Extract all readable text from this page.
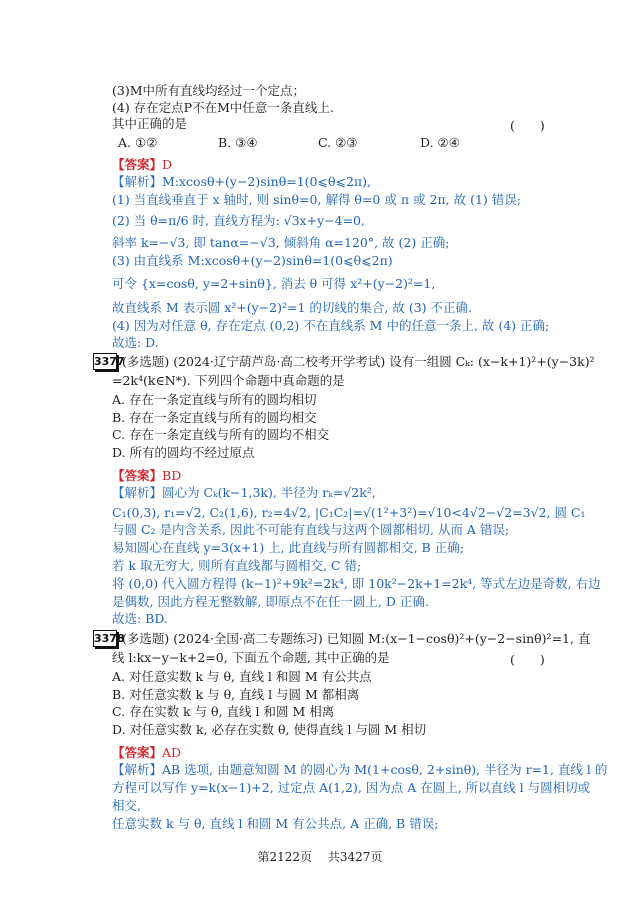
(3)M中所有直线均经过一个定点；
(4) 存在定点P不在M中任意一条直线上.
其中正确的是	(　　)
A. ①②	B. ③④	C. ②③	D. ②④
【答案】D
【解析】M:xcosθ+(y−2)sinθ=1(0⩽θ⩽2π),
(1) 当直线垂直于 x 轴时, 则 sinθ=0, 解得 θ=0 或 π 或 2π, 故 (1) 错误;
(2) 当 θ=π/6 时, 直线方程为: √3x+y−4=0,
斜率 k=−√3, 即 tanα=−√3, 倾斜角 α=120°, 故 (2) 正确;
(3) 由直线系 M:xcosθ+(y−2)sinθ=1(0⩽θ⩽2π)
可令 {x=cosθ, y=2+sinθ}, 消去 θ 可得 x²+(y−2)²=1,
故直线系 M 表示圆 x²+(y−2)²=1 的切线的集合, 故 (3) 不正确.
(4) 因为对任意 θ, 存在定点 (0,2) 不在直线系 M 中的任意一条上, 故 (4) 正确;
故选: D.
3377
(多选题) (2024·辽宁葫芦岛·高二校考开学考试) 设有一组圆 Cₖ: (x−k+1)²+(y−3k)²
=2k⁴(k∈N*). 下列四个命题中真命题的是
A. 存在一条定直线与所有的圆均相切
B. 存在一条定直线与所有的圆均相交
C. 存在一条定直线与所有的圆均不相交
D. 所有的圆均不经过原点
【答案】BD
【解析】圆心为 Cₖ(k−1,3k), 半径为 rₖ=√2k²,
C₁(0,3), r₁=√2, C₂(1,6), r₂=4√2, |C₁C₂|=√(1²+3²)=√10<4√2−√2=3√2, 圆 C₁
与圆 C₂ 是内含关系, 因此不可能有直线与这两个圆都相切, 从而 A 错误;
易知圆心在直线 y=3(x+1) 上, 此直线与所有圆都相交, B 正确;
若 k 取无穷大, 则所有直线都与圆相交, C 错;
将 (0,0) 代入圆方程得 (k−1)²+9k²=2k⁴, 即 10k²−2k+1=2k⁴, 等式左边是奇数, 右边
是偶数, 因此方程无整数解, 即原点不在任一圆上, D 正确.
故选: BD.
3378
(多选题) (2024·全国·高二专题练习) 已知圆 M:(x−1−cosθ)²+(y−2−sinθ)²=1, 直
线 l:kx−y−k+2=0, 下面五个命题, 其中正确的是	(　　)
A. 对任意实数 k 与 θ, 直线 l 和圆 M 有公共点
B. 对任意实数 k 与 θ, 直线 l 与圆 M 都相离
C. 存在实数 k 与 θ, 直线 l 和圆 M 相离
D. 对任意实数 k, 必存在实数 θ, 使得直线 l 与圆 M 相切
【答案】AD
【解析】AB 选项, 由题意知圆 M 的圆心为 M(1+cosθ, 2+sinθ), 半径为 r=1, 直线 l 的
方程可以写作 y=k(x−1)+2, 过定点 A(1,2), 因为点 A 在圆上, 所以直线 l 与圆相切或
相交,
任意实数 k 与 θ, 直线 l 和圆 M 有公共点, A 正确, B 错误;
第2122页 共3427页
